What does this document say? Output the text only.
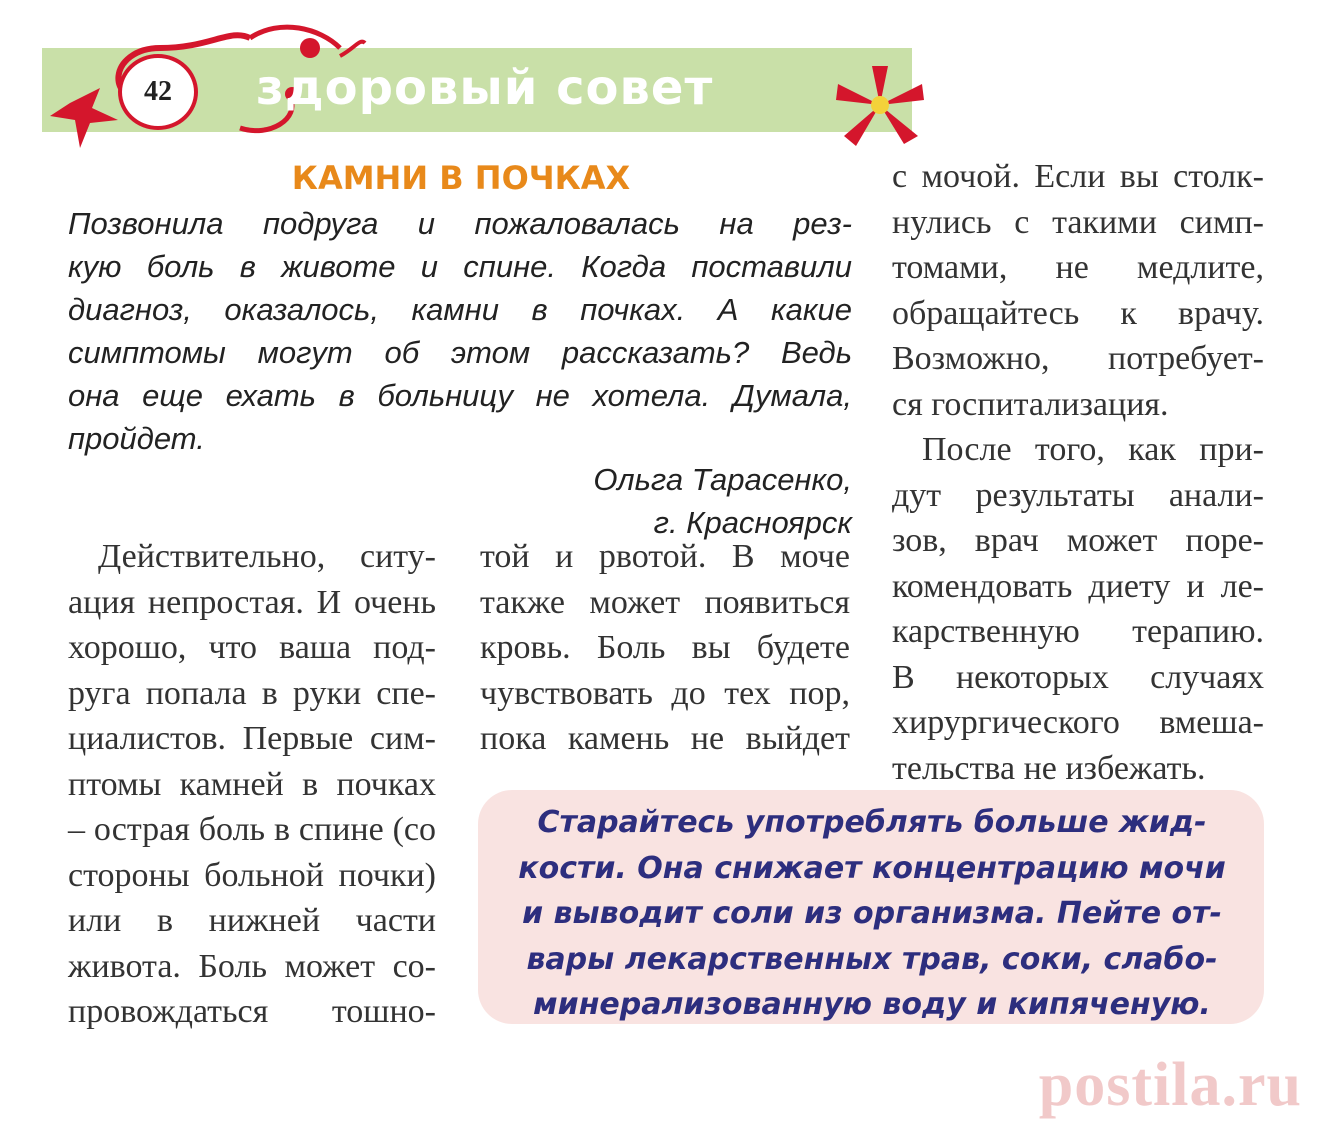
42 здоровый совет
КАМНИ В ПОЧКАХ
Позвонила подруга и пожаловалась на рез-
кую боль в животе и спине. Когда поставили
диагноз, оказалось, камни в почках. А какие
симптомы могут об этом рассказать? Ведь
она еще ехать в больницу не хотела. Думала,
пройдет.
Ольга Тарасенко,
г. Красноярск
Действительно, ситу-
ация непростая. И очень
хорошо, что ваша под-
руга попала в руки спе-
циалистов. Первые сим-
птомы камней в почках
– острая боль в спине (со
стороны больной почки)
или в нижней части
живота. Боль может со-
провождаться тошно-
той и рвотой. В моче
также может появиться
кровь. Боль вы будете
чувствовать до тех пор,
пока камень не выйдет
с мочой. Если вы столк-
нулись с такими симп-
томами, не медлите,
обращайтесь к врачу.
Возможно, потребует-
ся госпитализация.
После того, как при-
дут результаты анали-
зов, врач может поре-
комендовать диету и ле-
карственную терапию.
В некоторых случаях
хирургического вмеша-
тельства не избежать.
Старайтесь употреблять больше жид-
кости. Она снижает концентрацию мочи
и выводит соли из организма. Пейте от-
вары лекарственных трав, соки, слабо-
минерализованную воду и кипяченую.
postila.ru
